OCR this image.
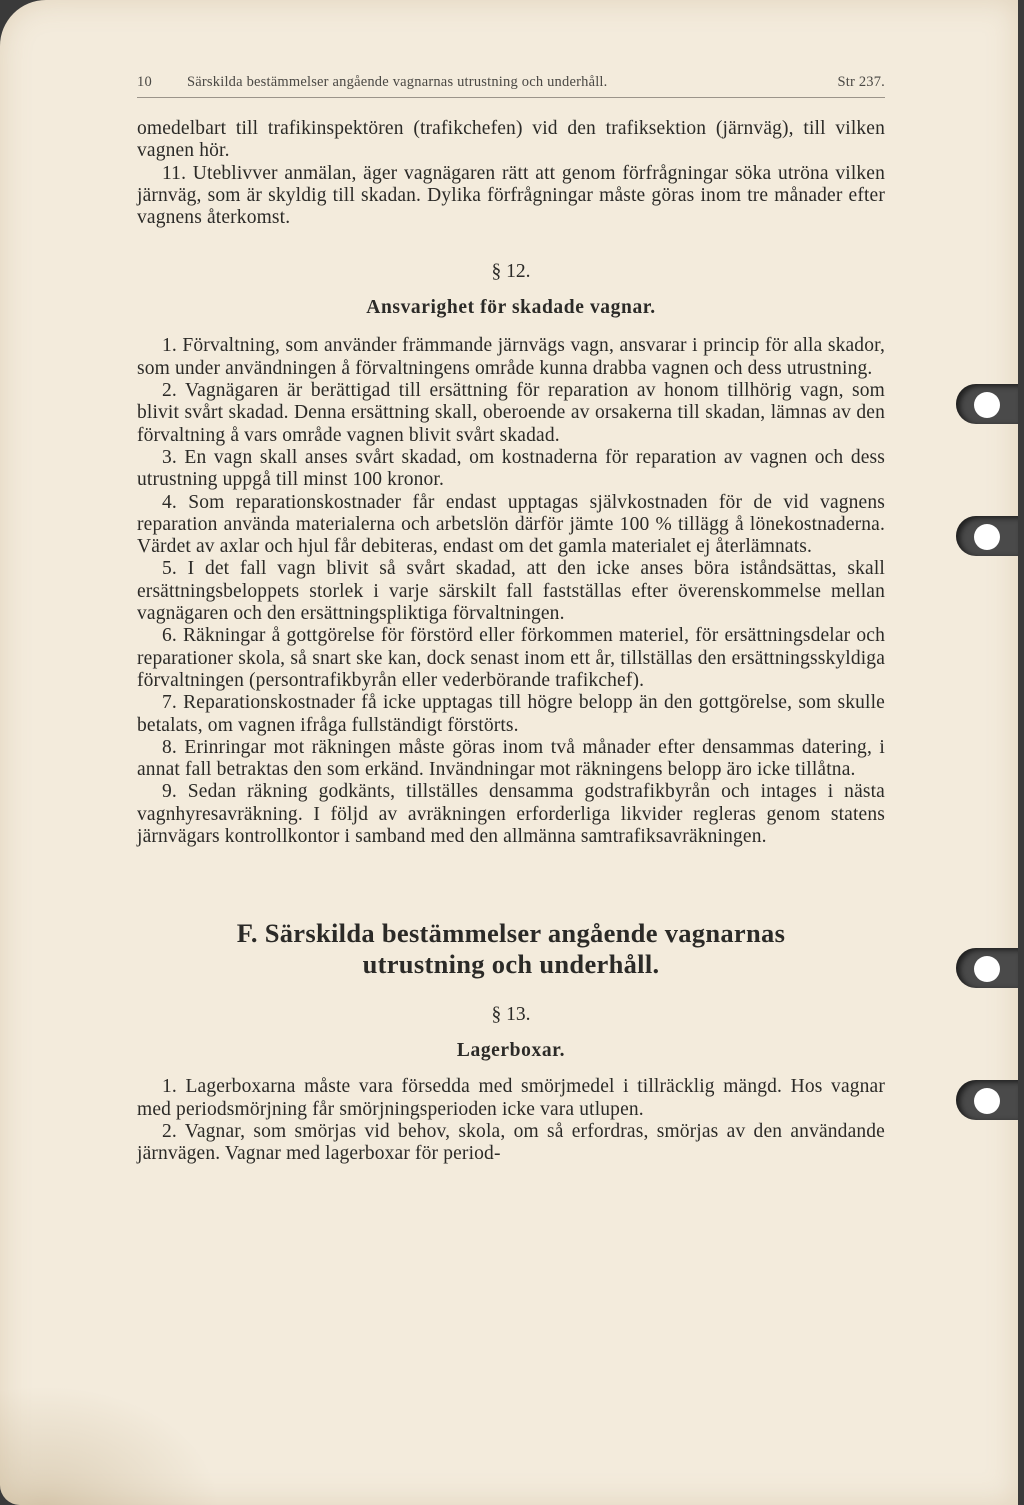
10	Särskilda bestämmelser angående vagnarnas utrustning och underhåll.	Str 237.

omedelbart till trafikinspektören (trafikchefen) vid den trafiksektion (järnväg), till vilken vagnen hör.

11. Uteblivver anmälan, äger vagnägaren rätt att genom förfrågningar söka utröna vilken järnväg, som är skyldig till skadan. Dylika förfrågningar måste göras inom tre månader efter vagnens återkomst.

§ 12.
Ansvarighet för skadade vagnar.

1. Förvaltning, som använder främmande järnvägs vagn, ansvarar i princip för alla skador, som under användningen å förvaltningens område kunna drabba vagnen och dess utrustning.

2. Vagnägaren är berättigad till ersättning för reparation av honom tillhörig vagn, som blivit svårt skadad. Denna ersättning skall, oberoende av orsakerna till skadan, lämnas av den förvaltning å vars område vagnen blivit svårt skadad.

3. En vagn skall anses svårt skadad, om kostnaderna för reparation av vagnen och dess utrustning uppgå till minst 100 kronor.

4. Som reparationskostnader får endast upptagas självkostnaden för de vid vagnens reparation använda materialerna och arbetslön därför jämte 100 % tillägg å lönekostnaderna. Värdet av axlar och hjul får debiteras, endast om det gamla materialet ej återlämnats.

5. I det fall vagn blivit så svårt skadad, att den icke anses böra iståndsättas, skall ersättningsbeloppets storlek i varje särskilt fall fastställas efter överenskommelse mellan vagnägaren och den ersättningspliktiga förvaltningen.

6. Räkningar å gottgörelse för förstörd eller förkommen materiel, för ersättningsdelar och reparationer skola, så snart ske kan, dock senast inom ett år, tillställas den ersättningsskyldiga förvaltningen (persontrafikbyrån eller vederbörande trafikchef).

7. Reparationskostnader få icke upptagas till högre belopp än den gottgörelse, som skulle betalats, om vagnen ifråga fullständigt förstörts.

8. Erinringar mot räkningen måste göras inom två månader efter densammas datering, i annat fall betraktas den som erkänd. Invändningar mot räkningens belopp äro icke tillåtna.

9. Sedan räkning godkänts, tillställes densamma godstrafikbyrån och intages i nästa vagnhyresavräkning. I följd av avräkningen erforderliga likvider regleras genom statens järnvägars kontrollkontor i samband med den allmänna samtrafiksavräkningen.

F. Särskilda bestämmelser angående vagnarnas
utrustning och underhåll.
§ 13.
Lagerboxar.

1. Lagerboxarna måste vara försedda med smörjmedel i tillräcklig mängd. Hos vagnar med periodsmörjning får smörjningsperioden icke vara utlupen.

2. Vagnar, som smörjas vid behov, skola, om så erfordras, smörjas av den användande järnvägen. Vagnar med lagerboxar för period-
